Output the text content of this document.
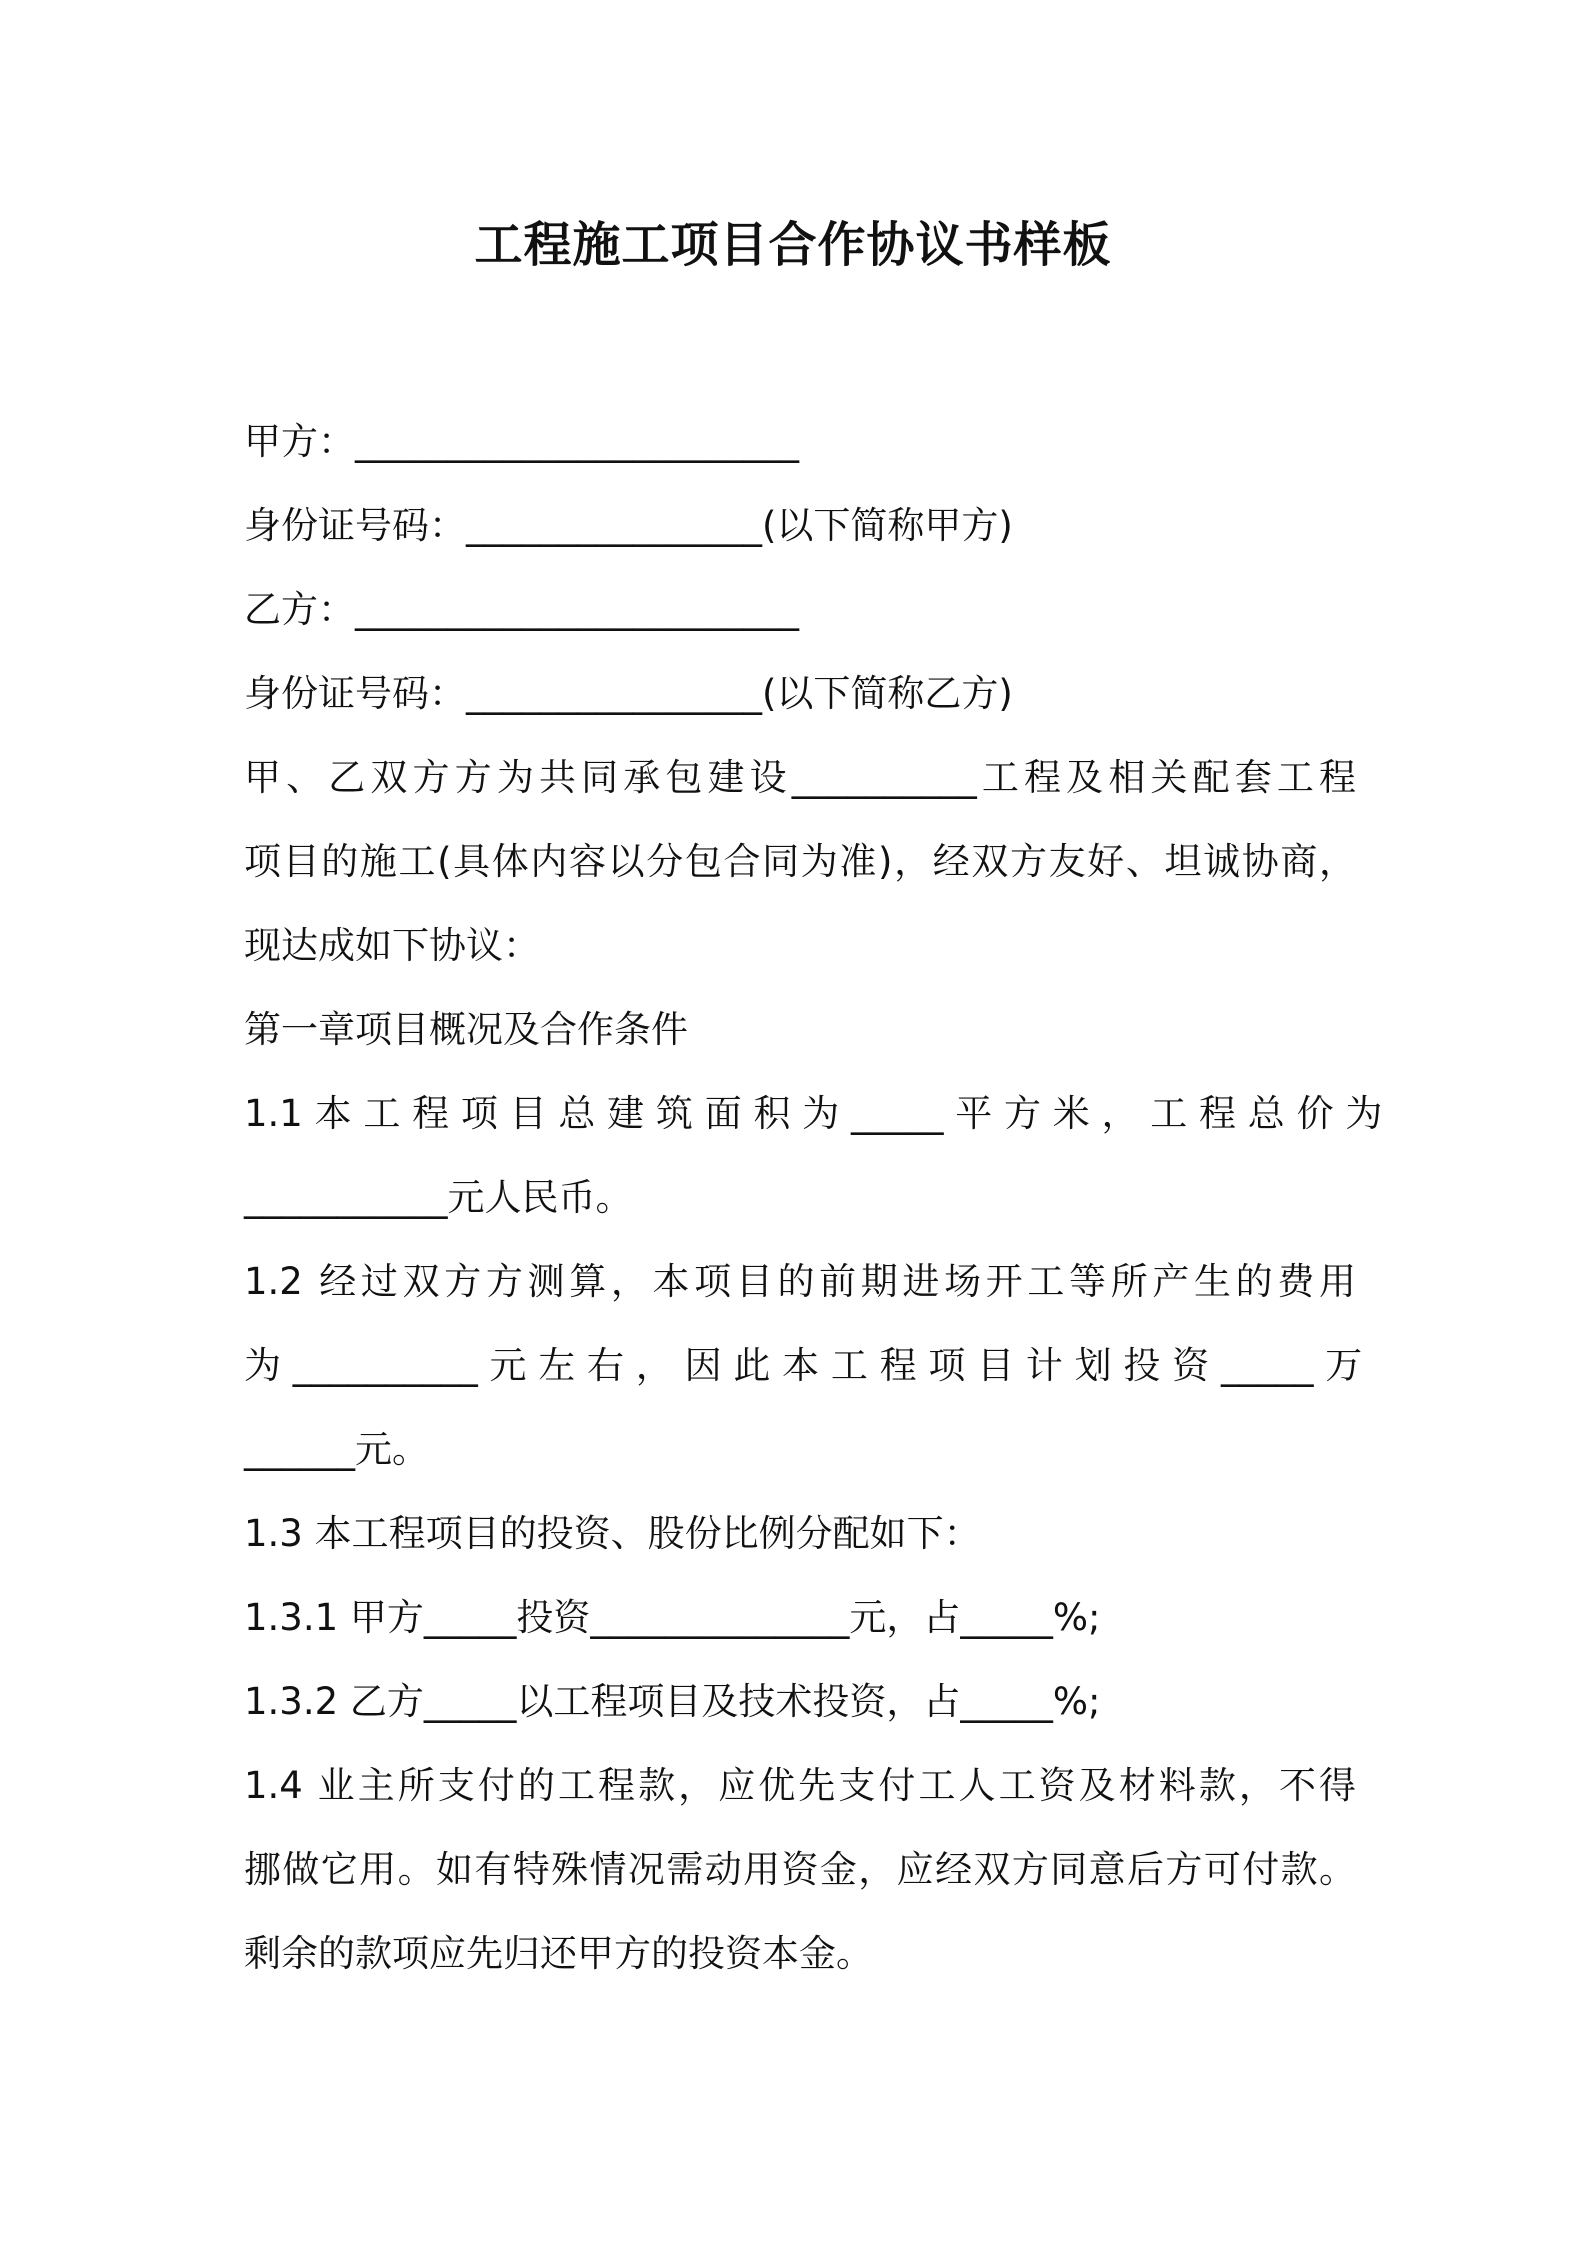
工程施工项目合作协议书样板
甲方：________________________
身份证号码：________________(以下简称甲方)
乙方：________________________
身份证号码：________________(以下简称乙方)
甲、乙双方方为共同承包建设__________工程及相关配套工程
项目的施工(具体内容以分包合同为准)，经双方友好、坦诚协商，
现达成如下协议：
第一章项目概况及合作条件
1.1 本 工 程 项 目 总 建 筑 面 积 为 _____ 平 方 米 ， 工 程 总 价 为
___________元人民币。
1.2 经过双方方测算，本项目的前期进场开工等所产生的费用
为 __________ 元 左 右 ， 因 此 本 工 程 项 目 计 划 投 资 _____ 万
______元。
1.3 本工程项目的投资、股份比例分配如下：
1.3.1 甲方_____投资______________元，占_____%;
1.3.2 乙方_____以工程项目及技术投资，占_____%;
1.4 业主所支付的工程款，应优先支付工人工资及材料款，不得
挪做它用。如有特殊情况需动用资金，应经双方同意后方可付款。
剩余的款项应先归还甲方的投资本金。
